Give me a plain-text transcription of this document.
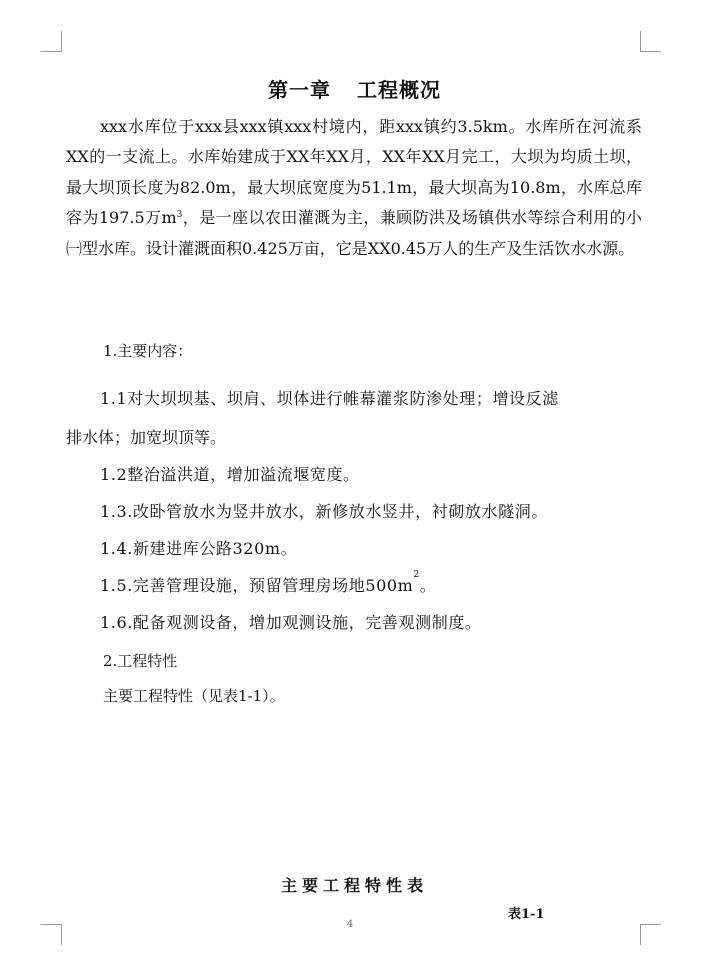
第一章 工程概况
xxx水库位于xxx县xxx镇xxx村境内，距xxx镇约3.5km。水库所在河流系XX的一支流上。水库始建成于XX年XX月，XX年XX月完工，大坝为均质土坝，最大坝顶长度为82.0m，最大坝底宽度为51.1m，最大坝高为10.8m，水库总库容为197.5万$m^3$，是一座以农田灌溉为主，兼顾防洪及场镇供水等综合利用的小㈠型水库。设计灌溉面积0.425万亩，它是XX0.45万人的生产及生活饮水水源。
1.主要内容：
1.1对大坝坝基、坝肩、坝体进行帷幕灌浆防渗处理；增设反滤
排水体；加宽坝顶等。
1.2整治溢洪道，增加溢流堰宽度。
1.3.改卧管放水为竖井放水，新修放水竖井，衬砌放水隧洞。
1.4.新建进库公路320m。
1.5.完善管理设施，预留管理房场地$500m^2$。
1.6.配备观测设备，增加观测设施，完善观测制度。
2.工程特性
主要工程特性（见表1-1）。
主要工程特性表
表1-1
4
